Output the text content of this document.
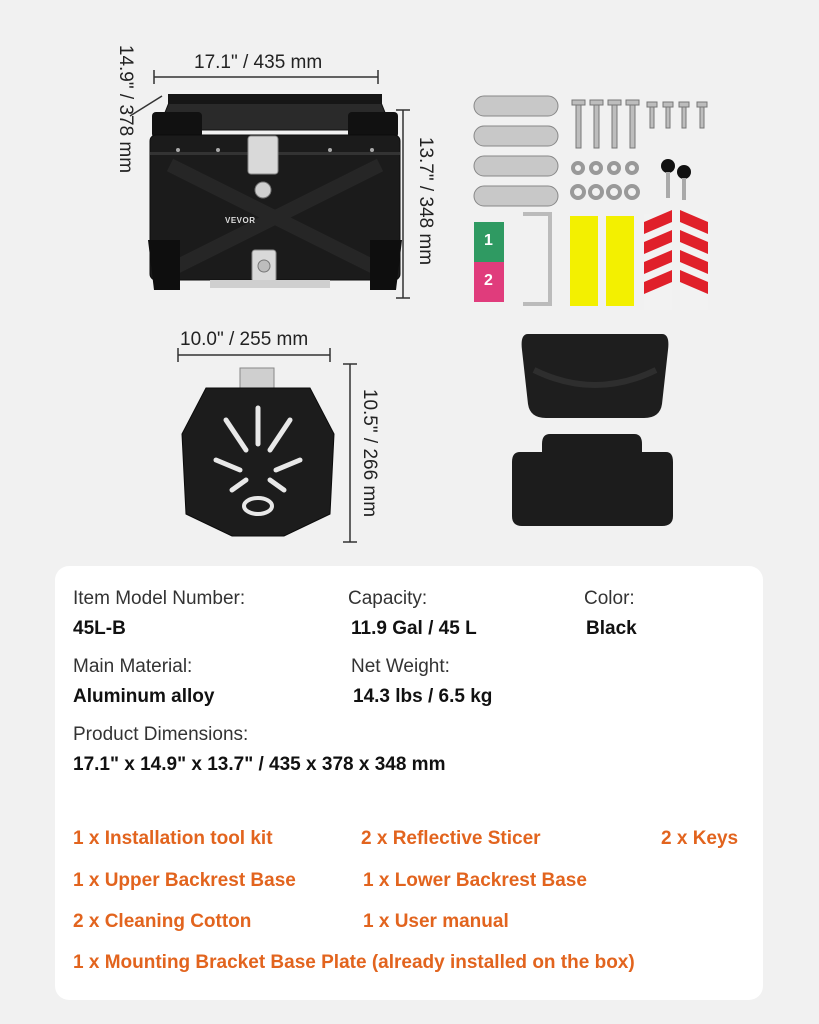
VEVOR
17.1" / 435 mm
14.9" / 378 mm
13.7" / 348 mm	1
2
10.0" / 255 mm
10.5" / 266 mm
Item Model Number:
45L-B
Capacity:
11.9 Gal / 45 L
Color:
Black
Main Material:
Aluminum alloy
Net Weight:
14.3 lbs / 6.5 kg
Product Dimensions:
17.1" x 14.9" x 13.7" / 435 x 378 x 348 mm
1 x Installation tool kit	2 x Reflective Sticer	2 x Keys
1 x Upper Backrest Base	1 x Lower Backrest Base
2 x Cleaning Cotton	1 x User manual
1 x Mounting Bracket Base Plate (already installed on the box)
